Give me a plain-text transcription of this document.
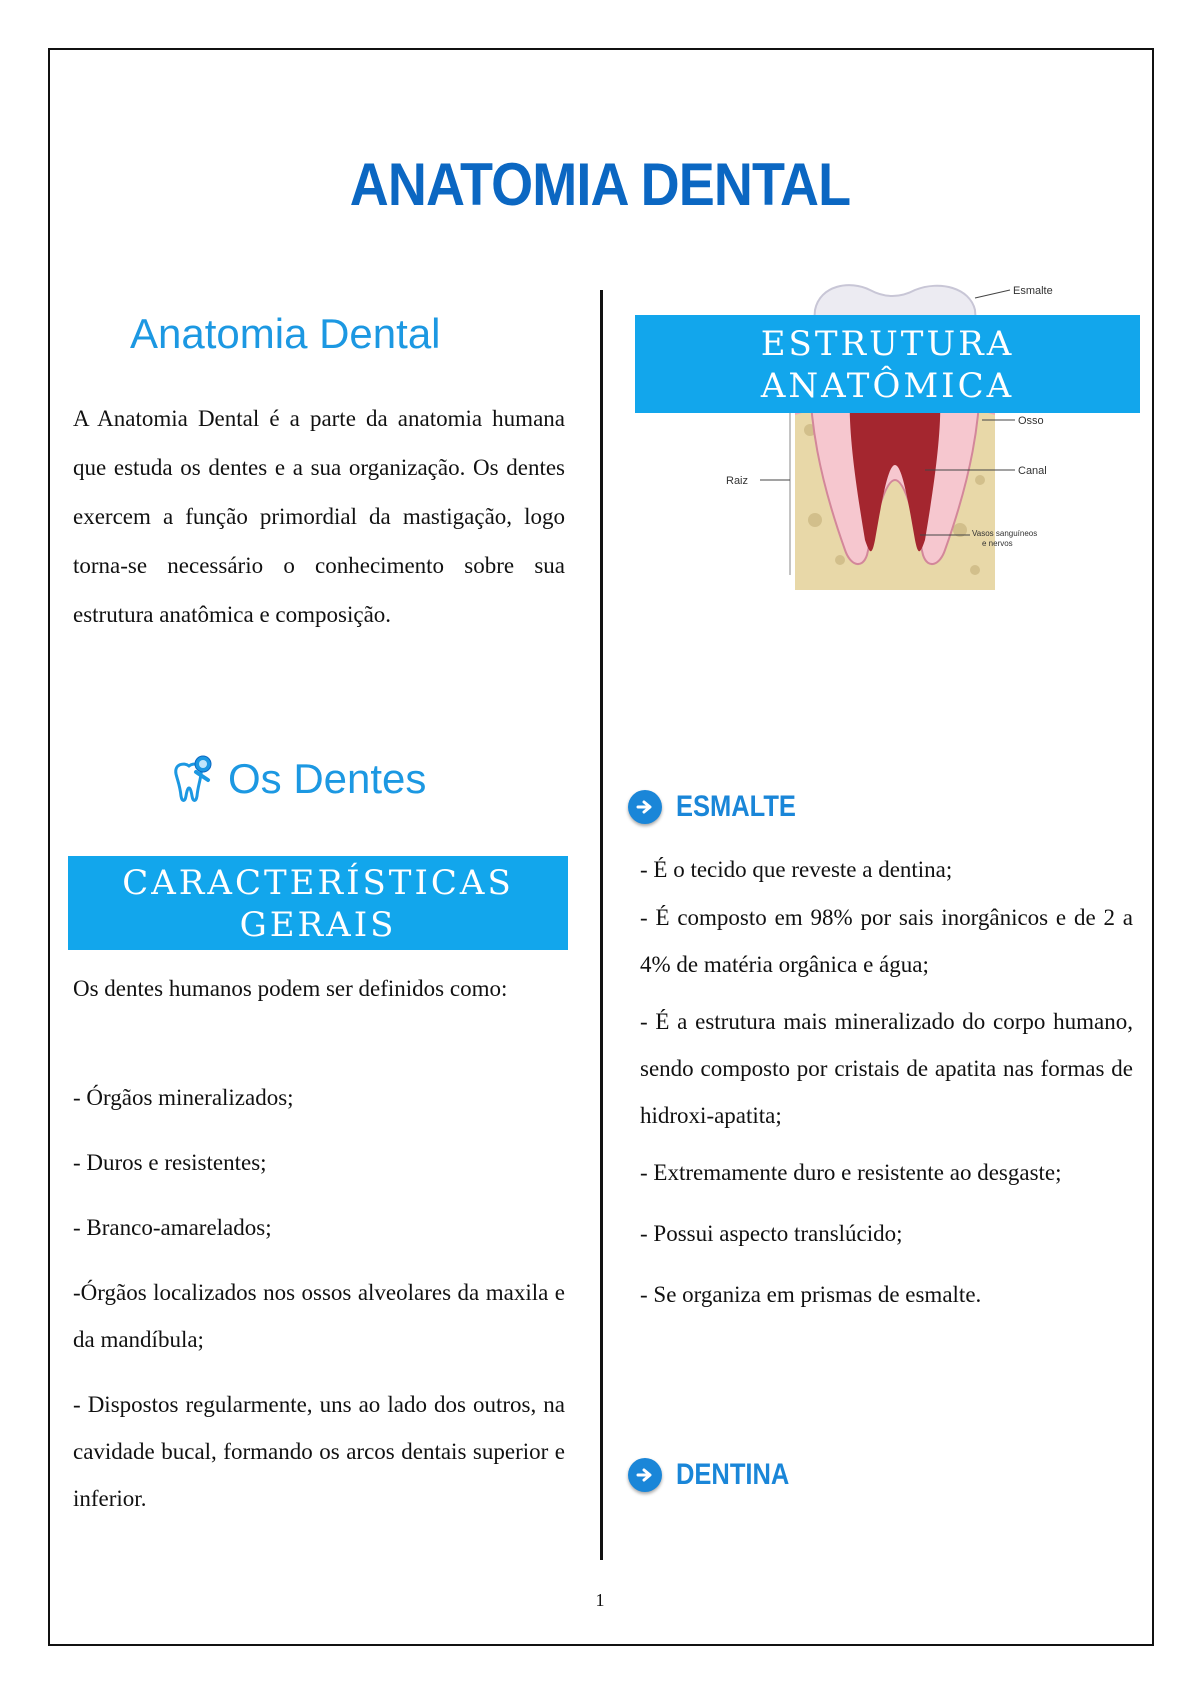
ANATOMIA DENTAL
Anatomia Dental

A Anatomia Dental é a parte da anatomia humana que estuda os dentes e a sua organização. Os dentes exercem a função primordial da mastigação, logo torna-se necessário o conhecimento sobre sua estrutura anatômica e composição.

Os Dentes
CARACTERÍSTICAS
GERAIS

Os dentes humanos podem ser definidos como:

- Órgãos mineralizados;
- Duros e resistentes;
- Branco-amarelados;
-Órgãos localizados nos ossos alveolares da maxila e da mandíbula;
- Dispostos regularmente, uns ao lado dos outros, na cavidade bucal, formando os arcos dentais superior e inferior.
Esmalte
Osso
Canal
Raiz
Vasos sanguíneos
e nervos
ESTRUTURA
ANATÔMICA
ESMALTE
- É o tecido que reveste a dentina;
- É composto em 98% por sais inorgânicos e de 2 a 4% de matéria orgânica e água;
- É a estrutura mais mineralizado do corpo humano, sendo composto por cristais de apatita nas formas de hidroxi-apatita;
- Extremamente duro e resistente ao desgaste;
- Possui aspecto translúcido;
- Se organiza em prismas de esmalte.
DENTINA
1
